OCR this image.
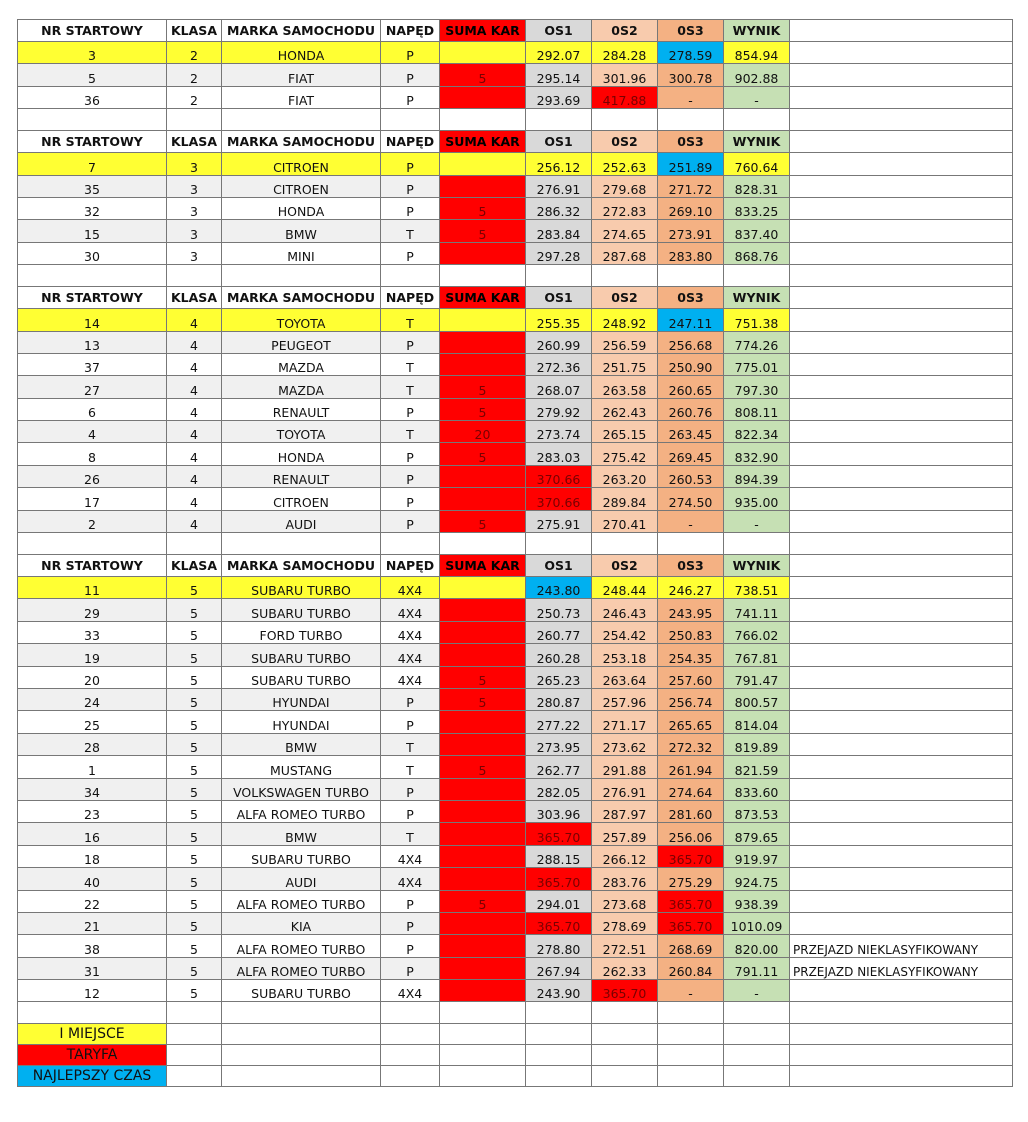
NR STARTOWY	KLASA	MARKA SAMOCHODU	NAPĘD	SUMA KAR	OS1	0S2	0S3	WYNIK	
3	2	HONDA	P		292.07	284.28	278.59	854.94	
5	2	FIAT	P	5	295.14	301.96	300.78	902.88	
36	2	FIAT	P		293.69	417.88	-	-	

NR STARTOWY	KLASA	MARKA SAMOCHODU	NAPĘD	SUMA KAR	OS1	0S2	0S3	WYNIK	
7	3	CITROEN	P		256.12	252.63	251.89	760.64	
35	3	CITROEN	P		276.91	279.68	271.72	828.31	
32	3	HONDA	P	5	286.32	272.83	269.10	833.25	
15	3	BMW	T	5	283.84	274.65	273.91	837.40	
30	3	MINI	P		297.28	287.68	283.80	868.76	

NR STARTOWY	KLASA	MARKA SAMOCHODU	NAPĘD	SUMA KAR	OS1	0S2	0S3	WYNIK	
14	4	TOYOTA	T		255.35	248.92	247.11	751.38	
13	4	PEUGEOT	P		260.99	256.59	256.68	774.26	
37	4	MAZDA	T		272.36	251.75	250.90	775.01	
27	4	MAZDA	T	5	268.07	263.58	260.65	797.30	
6	4	RENAULT	P	5	279.92	262.43	260.76	808.11	
4	4	TOYOTA	T	20	273.74	265.15	263.45	822.34	
8	4	HONDA	P	5	283.03	275.42	269.45	832.90	
26	4	RENAULT	P		370.66	263.20	260.53	894.39	
17	4	CITROEN	P		370.66	289.84	274.50	935.00	
2	4	AUDI	P	5	275.91	270.41	-	-	

NR STARTOWY	KLASA	MARKA SAMOCHODU	NAPĘD	SUMA KAR	OS1	0S2	0S3	WYNIK	
11	5	SUBARU TURBO	4X4		243.80	248.44	246.27	738.51	
29	5	SUBARU TURBO	4X4		250.73	246.43	243.95	741.11	
33	5	FORD TURBO	4X4		260.77	254.42	250.83	766.02	
19	5	SUBARU TURBO	4X4		260.28	253.18	254.35	767.81	
20	5	SUBARU TURBO	4X4	5	265.23	263.64	257.60	791.47	
24	5	HYUNDAI	P	5	280.87	257.96	256.74	800.57	
25	5	HYUNDAI	P		277.22	271.17	265.65	814.04	
28	5	BMW	T		273.95	273.62	272.32	819.89	
1	5	MUSTANG	T	5	262.77	291.88	261.94	821.59	
34	5	VOLKSWAGEN TURBO	P		282.05	276.91	274.64	833.60	
23	5	ALFA ROMEO TURBO	P		303.96	287.97	281.60	873.53	
16	5	BMW	T		365.70	257.89	256.06	879.65	
18	5	SUBARU TURBO	4X4		288.15	266.12	365.70	919.97	
40	5	AUDI	4X4		365.70	283.76	275.29	924.75	
22	5	ALFA ROMEO TURBO	P	5	294.01	273.68	365.70	938.39	
21	5	KIA	P		365.70	278.69	365.70	1010.09	
38	5	ALFA ROMEO TURBO	P		278.80	272.51	268.69	820.00	PRZEJAZD NIEKLASYFIKOWANY
31	5	ALFA ROMEO TURBO	P		267.94	262.33	260.84	791.11	PRZEJAZD NIEKLASYFIKOWANY
12	5	SUBARU TURBO	4X4		243.90	365.70	-	-	

I MIEJSCE									
TARYFA									
NAJLEPSZY CZAS									
